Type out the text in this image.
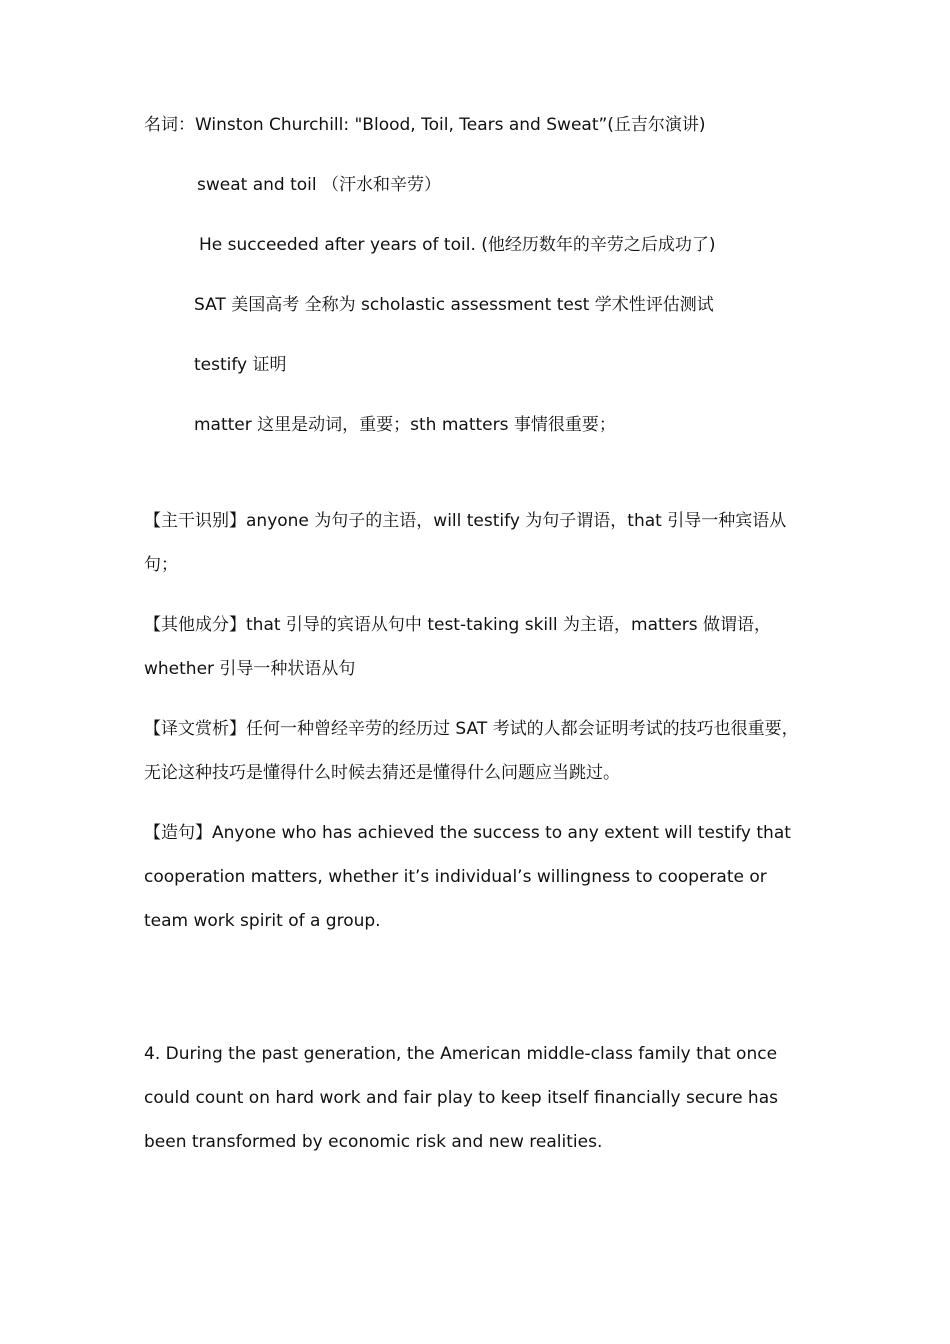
名词：Winston Churchill: "Blood, Toil, Tears and Sweat”(丘吉尔演讲)
sweat and toil （汗水和辛劳）
He succeeded after years of toil. (他经历数年的辛劳之后成功了)
SAT 美国高考 全称为 scholastic assessment test 学术性评估测试
testify 证明
matter 这里是动词，重要；sth matters 事情很重要；
【主干识别】anyone 为句子的主语，will testify 为句子谓语，that 引导一种宾语从句；
【其他成分】that 引导的宾语从句中 test-taking skill 为主语，matters 做谓语，whether 引导一种状语从句
【译文赏析】任何一种曾经辛劳的经历过 SAT 考试的人都会证明考试的技巧也很重要，无论这种技巧是懂得什么时候去猜还是懂得什么问题应当跳过。
【造句】Anyone who has achieved the success to any extent will testify that cooperation matters, whether it’s individual’s willingness to cooperate or team work spirit of a group.
4. During the past generation, the American middle-class family that once could count on hard work and fair play to keep itself financially secure has been transformed by economic risk and new realities.
